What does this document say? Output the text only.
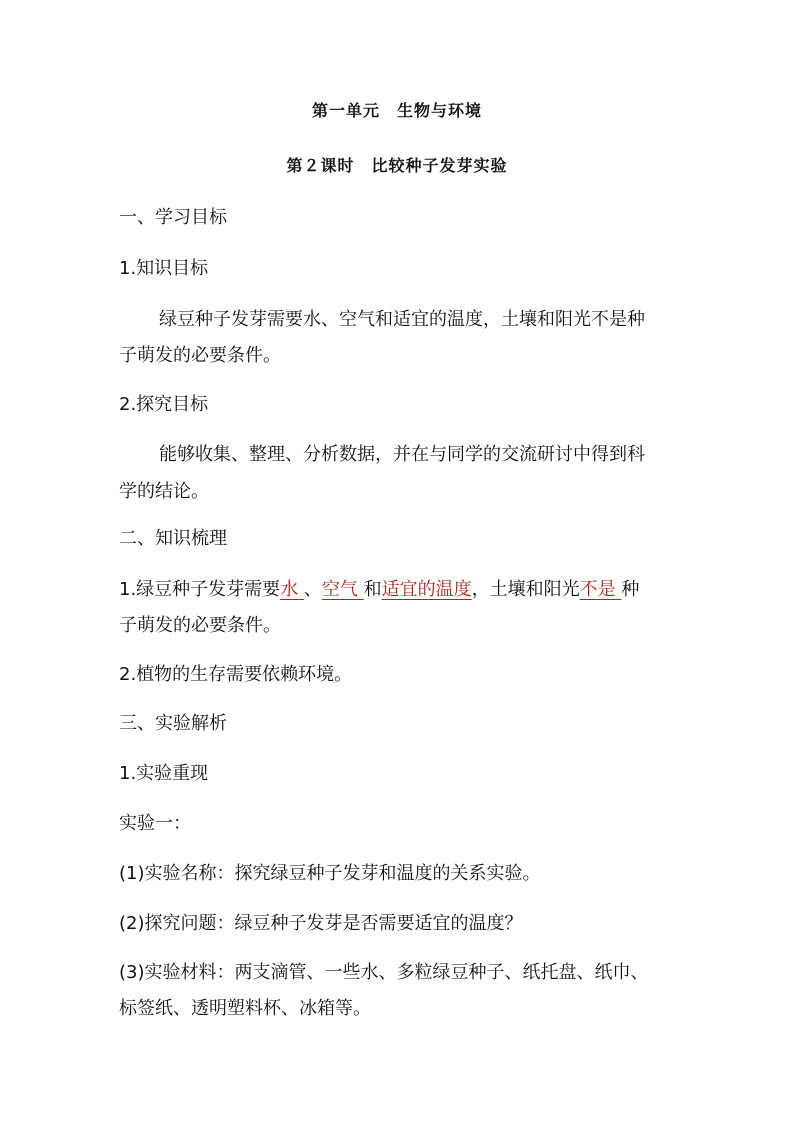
第一单元　生物与环境
第２课时　比较种子发芽实验
一、学习目标
1.知识目标
绿豆种子发芽需要水、空气和适宜的温度，土壤和阳光不是种
子萌发的必要条件。
2.探究目标
能够收集、整理、分析数据，并在与同学的交流研讨中得到科
学的结论。
二、知识梳理
1.绿豆种子发芽需要水 、空气 和适宜的温度，土壤和阳光不是 种
子萌发的必要条件。
2.植物的生存需要依赖环境。
三、实验解析
1.实验重现
实验一：
(1)实验名称：探究绿豆种子发芽和温度的关系实验。
(2)探究问题：绿豆种子发芽是否需要适宜的温度？
(3)实验材料：两支滴管、一些水、多粒绿豆种子、纸托盘、纸巾、
标签纸、透明塑料杯、冰箱等。
